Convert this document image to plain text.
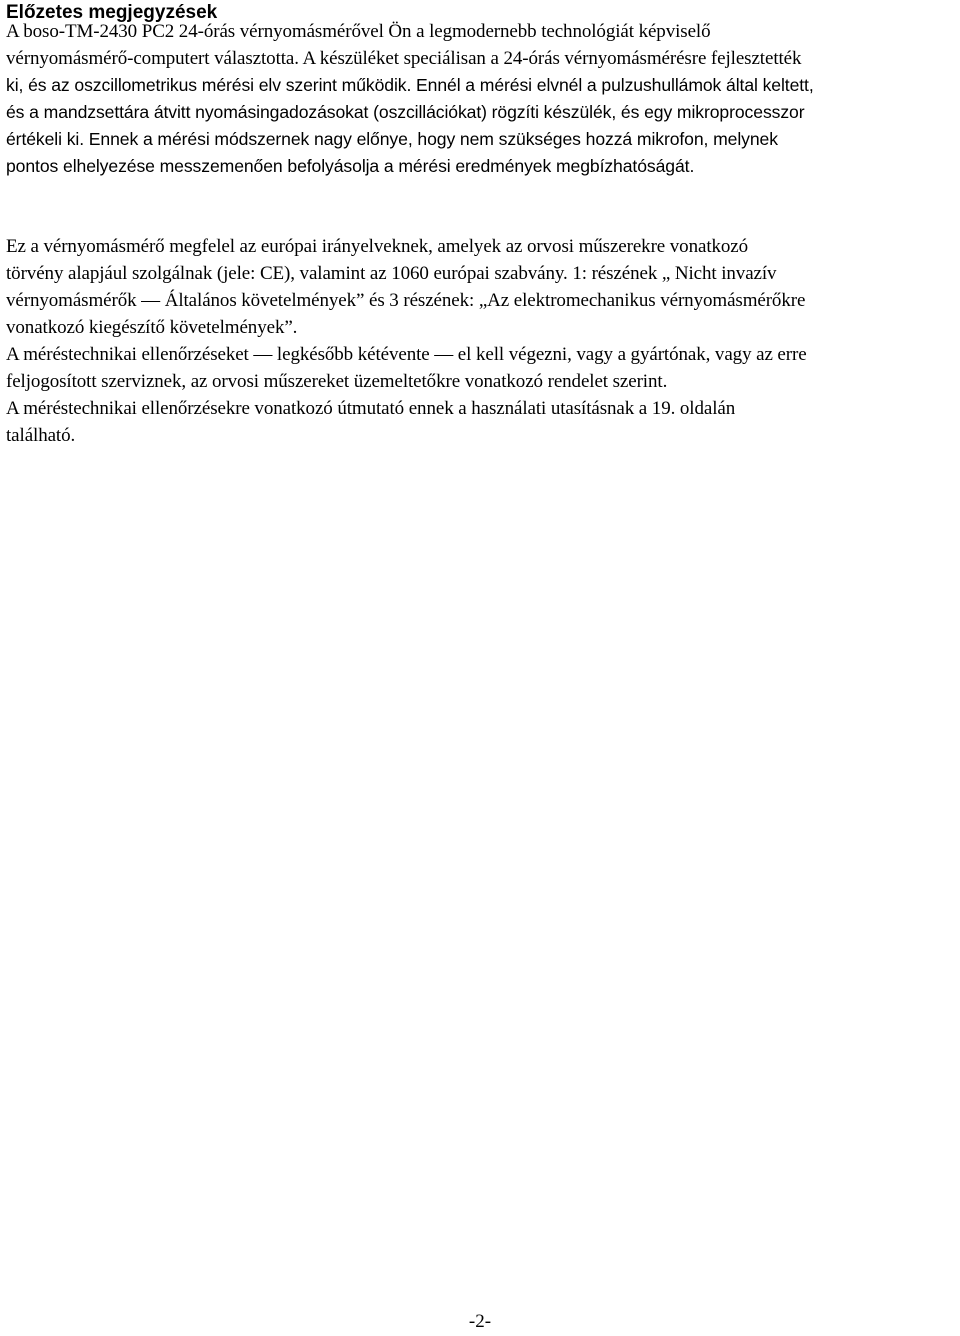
Előzetes megjegyzések

A boso-TM-2430 PC2 24-órás vérnyomásmérővel Ön a legmodernebb technológiát képviselő
vérnyomásmérő-computert választotta. A készüléket speciálisan a 24-órás vérnyomásmérésre fejlesztették
ki, és az oszcillometrikus mérési elv szerint működik. Ennél a mérési elvnél a pulzushullámok által keltett,
és a mandzsettára átvitt nyomásingadozásokat (oszcillációkat) rögzíti készülék, és egy mikroprocesszor
értékeli ki. Ennek a mérési módszernek nagy előnye, hogy nem szükséges hozzá mikrofon, melynek
pontos elhelyezése messzemenően befolyásolja a mérési eredmények megbízhatóságát.

Ez a vérnyomásmérő megfelel az európai irányelveknek, amelyek az orvosi műszerekre vonatkozó
törvény alapjául szolgálnak (jele: CE), valamint az 1060 európai szabvány. 1: részének „ Nicht invazív
vérnyomásmérők — Általános követelmények” és 3 részének: „Az elektromechanikus vérnyomásmérőkre
vonatkozó kiegészítő követelmények”.
A méréstechnikai ellenőrzéseket — legkésőbb kétévente — el kell végezni, vagy a gyártónak, vagy az erre
feljogosított szerviznek, az orvosi műszereket üzemeltetőkre vonatkozó rendelet szerint.
A méréstechnikai ellenőrzésekre vonatkozó útmutató ennek a használati utasításnak a 19. oldalán
található.

-2-
